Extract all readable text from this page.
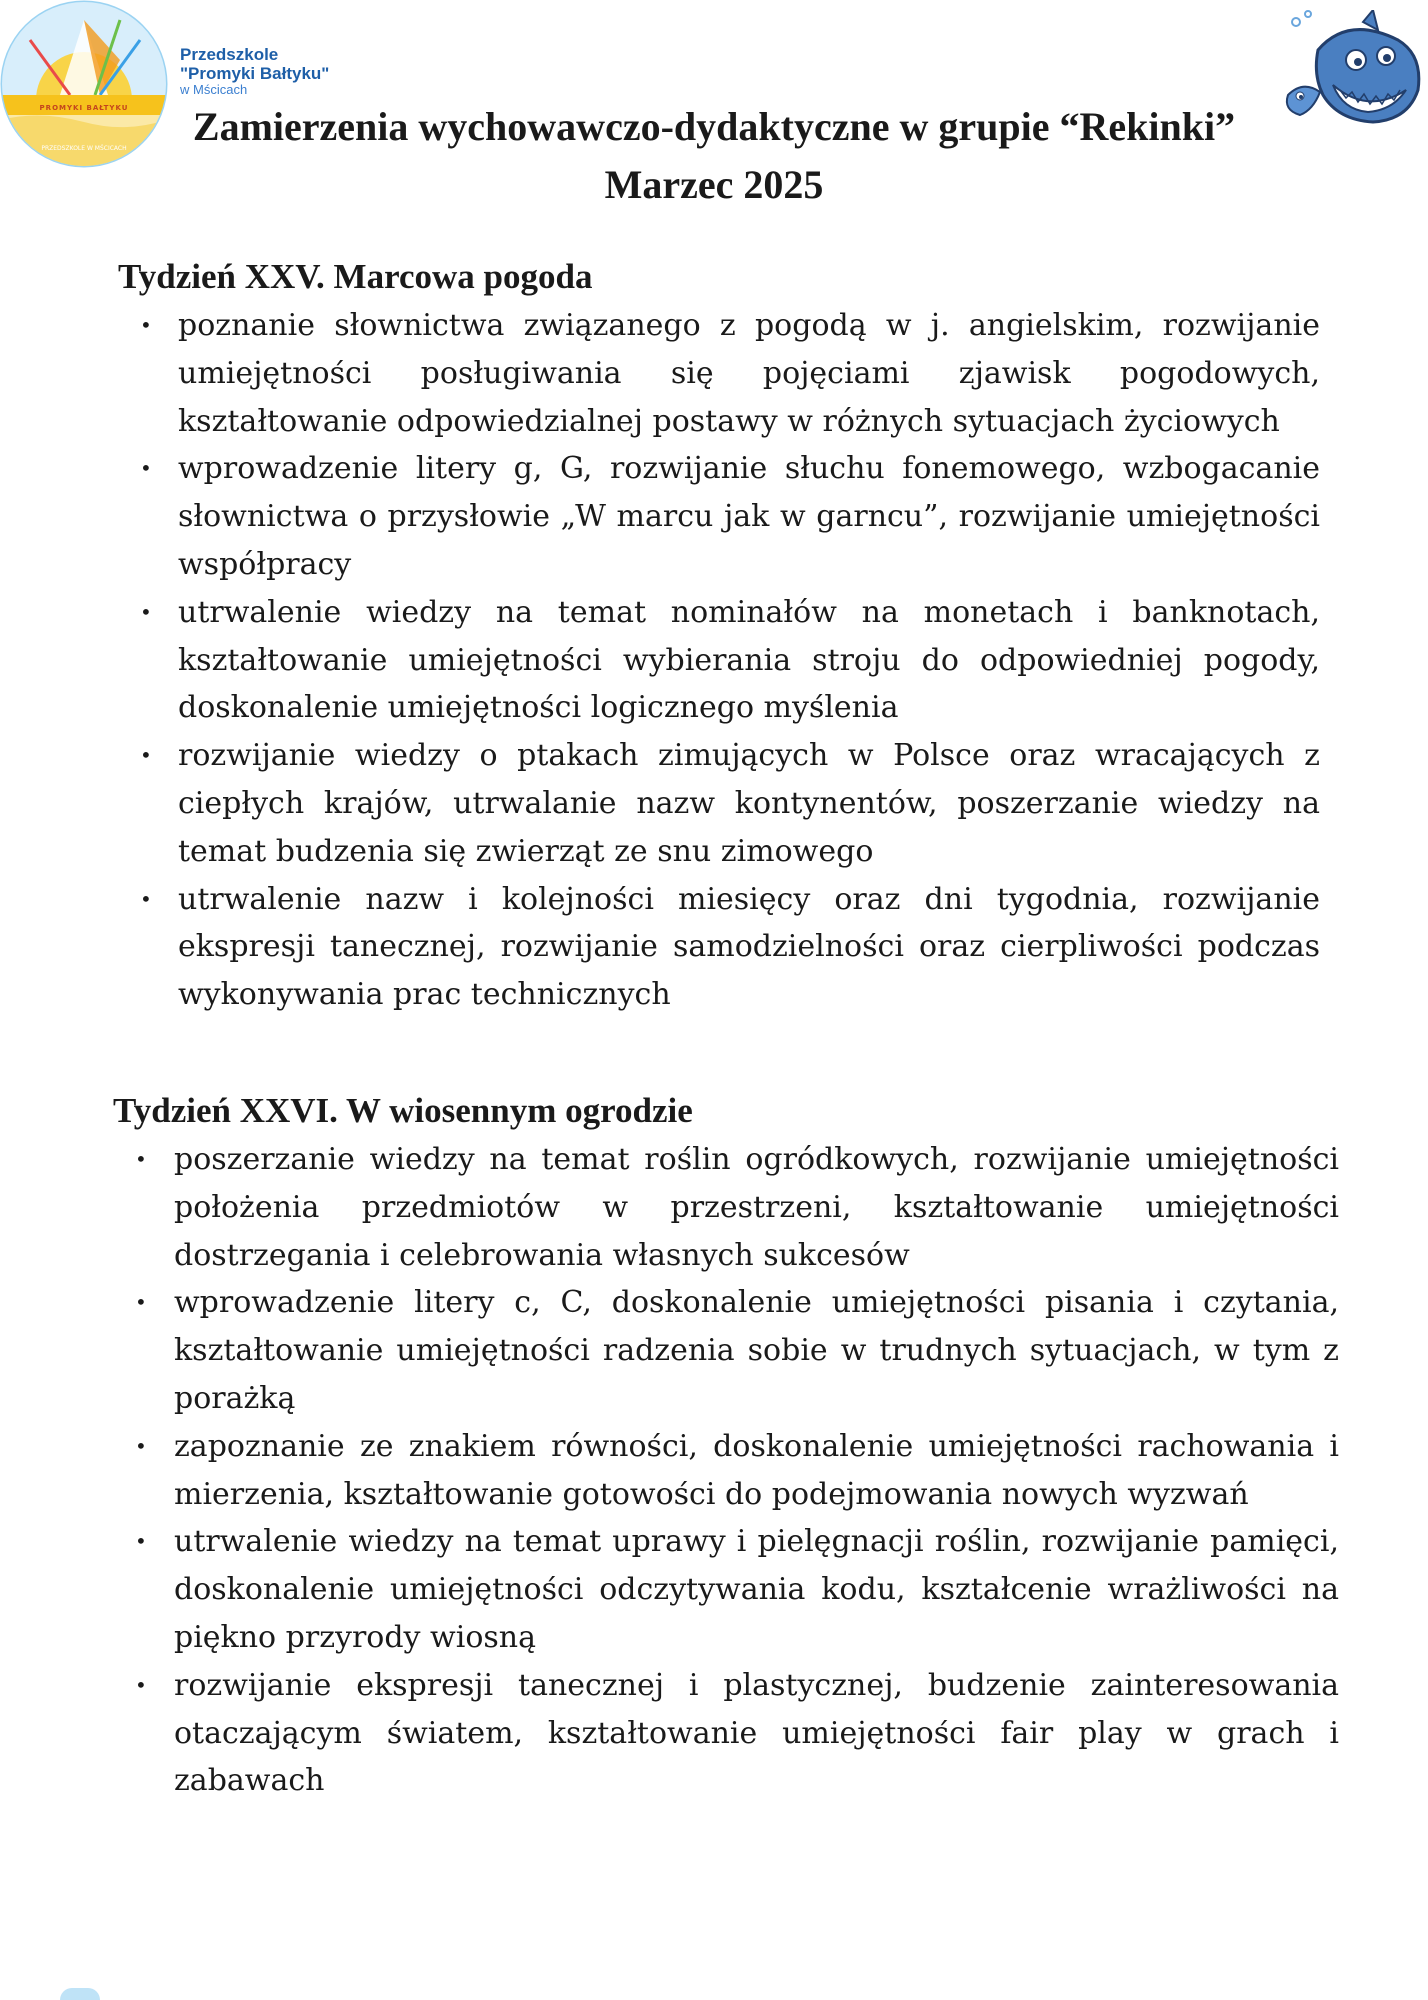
PROMYKI BAŁTYKU
PRZEDSZKOLE W MŚCICACH
Przedszkole
"Promyki Bałtyku"
w Mścicach
Zamierzenia wychowawczo-dydaktyczne w grupie “Rekinki”
Marzec 2025
Tydzień XXV. Marcowa pogoda
• poznanie słownictwa związanego z pogodą w j. angielskim, rozwijanie umiejętności posługiwania się pojęciami zjawisk pogodowych, kształtowanie odpowiedzialnej postawy w różnych sytuacjach życiowych
• wprowadzenie litery g, G, rozwijanie słuchu fonemowego, wzbogacanie słownictwa o przysłowie „W marcu jak w garncu”, rozwijanie umiejętności współpracy
• utrwalenie wiedzy na temat nominałów na monetach i banknotach, kształtowanie umiejętności wybierania stroju do odpowiedniej pogody, doskonalenie umiejętności logicznego myślenia
• rozwijanie wiedzy o ptakach zimujących w Polsce oraz wracających z ciepłych krajów, utrwalanie nazw kontynentów, poszerzanie wiedzy na temat budzenia się zwierząt ze snu zimowego
• utrwalenie nazw i kolejności miesięcy oraz dni tygodnia, rozwijanie ekspresji tanecznej, rozwijanie samodzielności oraz cierpliwości podczas wykonywania prac technicznych
Tydzień XXVI. W wiosennym ogrodzie
• poszerzanie wiedzy na temat roślin ogródkowych, rozwijanie umiejętności położenia przedmiotów w przestrzeni, kształtowanie umiejętności dostrzegania i celebrowania własnych sukcesów
• wprowadzenie litery c, C, doskonalenie umiejętności pisania i czytania, kształtowanie umiejętności radzenia sobie w trudnych sytuacjach, w tym z porażką
• zapoznanie ze znakiem równości, doskonalenie umiejętności rachowania i mierzenia, kształtowanie gotowości do podejmowania nowych wyzwań
• utrwalenie wiedzy na temat uprawy i pielęgnacji roślin, rozwijanie pamięci, doskonalenie umiejętności odczytywania kodu, kształcenie wrażliwości na piękno przyrody wiosną
• rozwijanie ekspresji tanecznej i plastycznej, budzenie zainteresowania otaczającym światem, kształtowanie umiejętności fair play w grach i zabawach
